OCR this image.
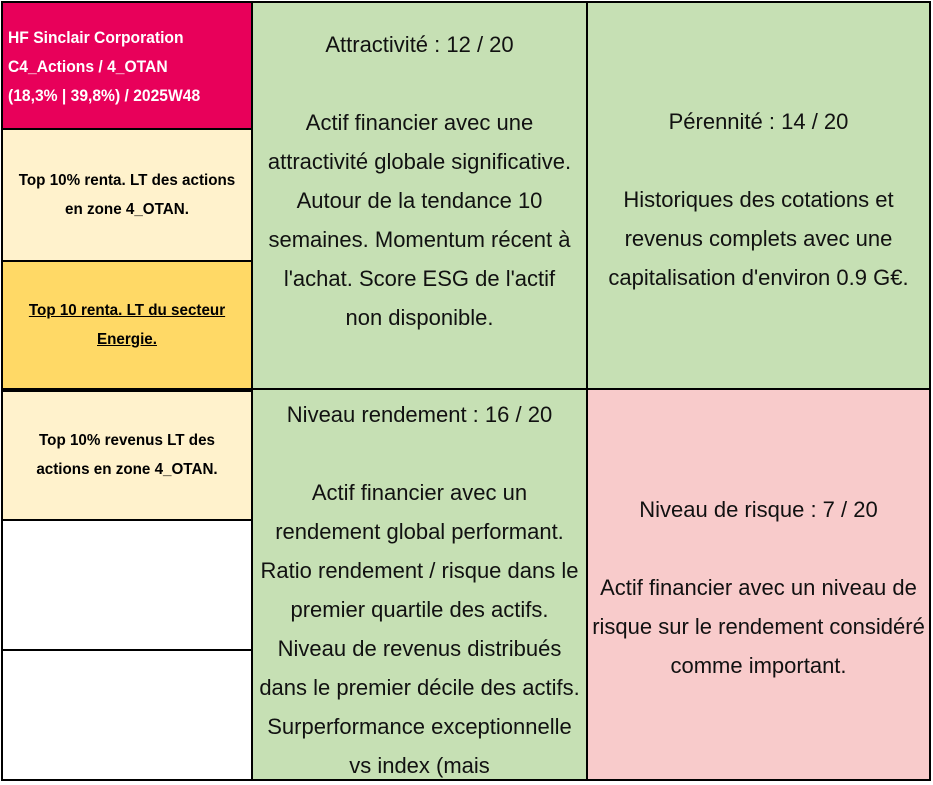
HF Sinclair Corporation
C4_Actions / 4_OTAN
(18,3% | 39,8%) / 2025W48
Top 10% renta. LT des actions en zone 4_OTAN.
Top 10 renta. LT du secteur Energie.
Top 10% revenus LT des actions en zone 4_OTAN.

Attractivité : 12 / 20

Actif financier avec une attractivité globale significative. Autour de la tendance 10 semaines. Momentum récent à l'achat. Score ESG de l'actif non disponible.

Pérennité : 14 / 20

Historiques des cotations et revenus complets avec une capitalisation d'environ 0.9 G€.

Niveau rendement : 16 / 20

Actif financier avec un rendement global performant. Ratio rendement / risque dans le premier quartile des actifs. Niveau de revenus distribués dans le premier décile des actifs. Surperformance exceptionnelle vs index (mais

Niveau de risque : 7 / 20

Actif financier avec un niveau de risque sur le rendement considéré comme important.
